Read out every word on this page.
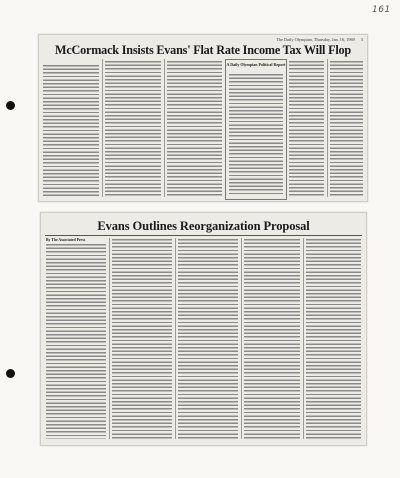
161
The Daily Olympian, Thursday, Jan. 16, 1969 3
McCormack Insists Evans' Flat Rate Income Tax Will Flop
A Daily Olympian Political Report
Evans Outlines Reorganization Proposal
By The Associated Press
